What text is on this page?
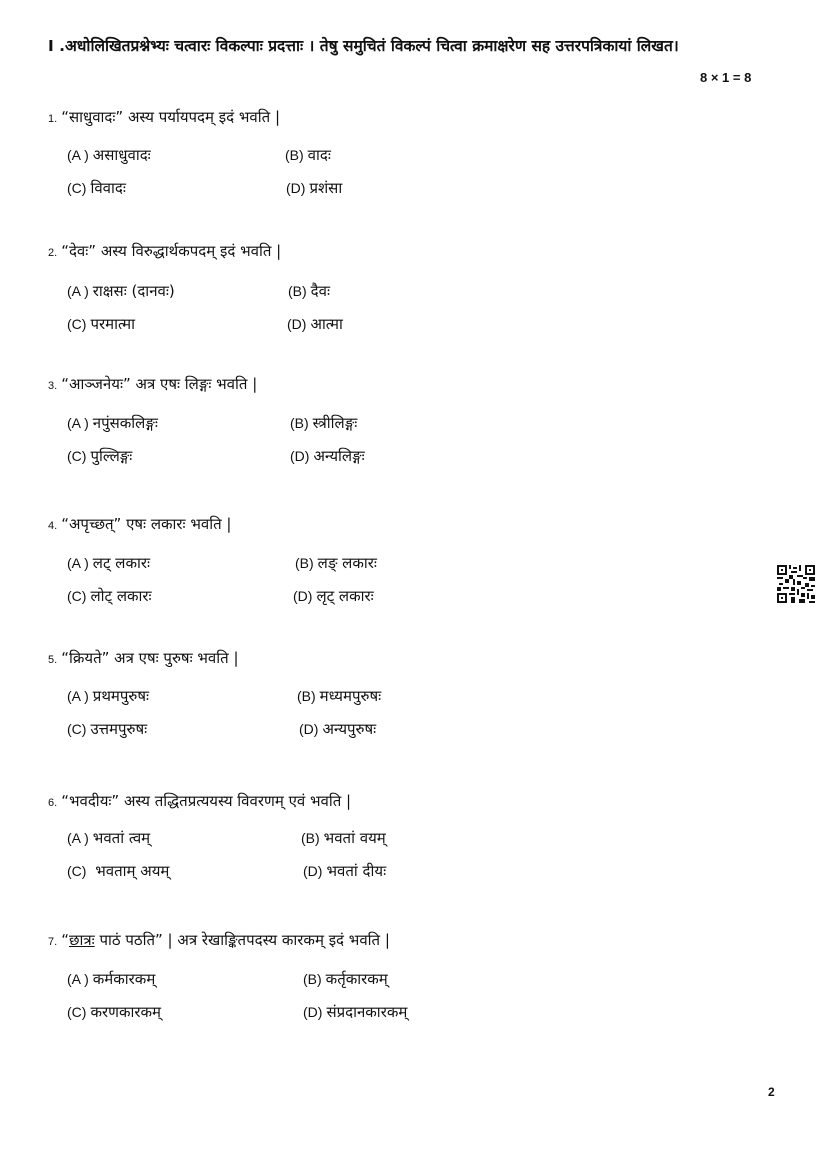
I .अधोलिखितप्रश्नेभ्यः चत्वारः विकल्पाः प्रदत्ताः । तेषु समुचितं विकल्पं चित्वा क्रमाक्षरेण सह उत्तरपत्रिकायां लिखत।
8 × 1 = 8
1. “साधुवादः” अस्य पर्यायपदम् इदं भवति |
(A ) असाधुवादः	(B) वादः
(C) विवादः	(D) प्रशंसा
2. “देवः” अस्य विरुद्धार्थकपदम् इदं भवति |
(A ) राक्षसः (दानवः)	(B) दैवः
(C) परमात्मा	(D) आत्मा
3. “आञ्जनेयः” अत्र एषः लिङ्गः भवति |
(A ) नपुंसकलिङ्गः	(B) स्त्रीलिङ्गः
(C) पुल्लिङ्गः	(D) अन्यलिङ्गः
4. “अपृच्छत्” एषः लकारः भवति |
(A ) लट् लकारः	(B) लङ् लकारः
(C) लोट् लकारः	(D) लृट् लकारः
5. “क्रियते” अत्र एषः पुरुषः भवति |
(A ) प्रथमपुरुषः	(B) मध्यमपुरुषः
(C) उत्तमपुरुषः	(D) अन्यपुरुषः
6. “भवदीयः” अस्य तद्धितप्रत्ययस्य विवरणम् एवं भवति |
(A ) भवतां त्वम्	(B) भवतां वयम्
(C) भवताम् अयम्	(D) भवतां दीयः
7. “छात्रः पाठं पठति” | अत्र रेखाङ्कितपदस्य कारकम् इदं भवति |
(A ) कर्मकारकम्	(B) कर्तृकारकम्
(C) करणकारकम्	(D) संप्रदानकारकम्
2
